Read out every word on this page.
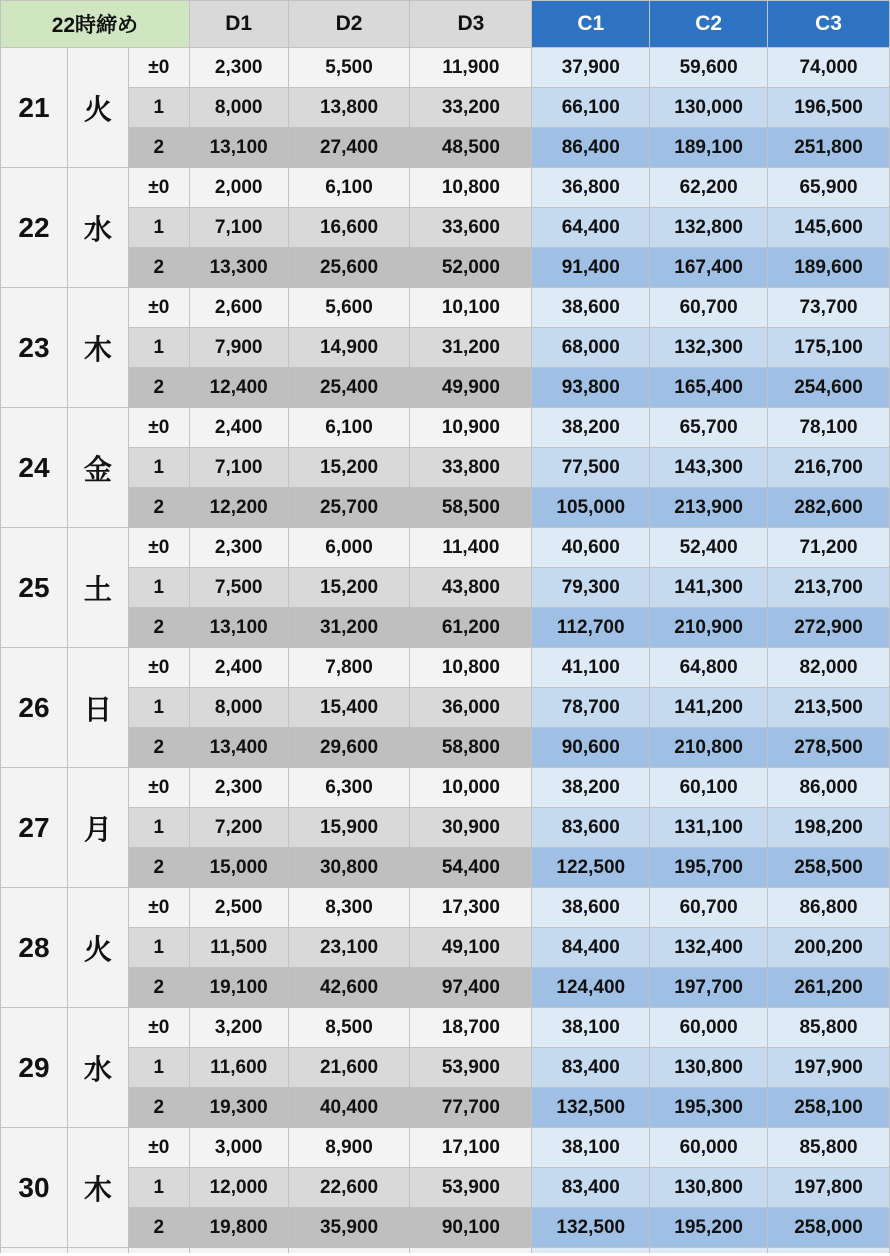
22時締め			D1	D2	D3	C1	C2	C3
21	火	±0	2,300	5,500	11,900	37,900	59,600	74,000
		1	8,000	13,800	33,200	66,100	130,000	196,500
		2	13,100	27,400	48,500	86,400	189,100	251,800
22	水	±0	2,000	6,100	10,800	36,800	62,200	65,900
		1	7,100	16,600	33,600	64,400	132,800	145,600
		2	13,300	25,600	52,000	91,400	167,400	189,600
23	木	±0	2,600	5,600	10,100	38,600	60,700	73,700
		1	7,900	14,900	31,200	68,000	132,300	175,100
		2	12,400	25,400	49,900	93,800	165,400	254,600
24	金	±0	2,400	6,100	10,900	38,200	65,700	78,100
		1	7,100	15,200	33,800	77,500	143,300	216,700
		2	12,200	25,700	58,500	105,000	213,900	282,600
25	土	±0	2,300	6,000	11,400	40,600	52,400	71,200
		1	7,500	15,200	43,800	79,300	141,300	213,700
		2	13,100	31,200	61,200	112,700	210,900	272,900
26	日	±0	2,400	7,800	10,800	41,100	64,800	82,000
		1	8,000	15,400	36,000	78,700	141,200	213,500
		2	13,400	29,600	58,800	90,600	210,800	278,500
27	月	±0	2,300	6,300	10,000	38,200	60,100	86,000
		1	7,200	15,900	30,900	83,600	131,100	198,200
		2	15,000	30,800	54,400	122,500	195,700	258,500
28	火	±0	2,500	8,300	17,300	38,600	60,700	86,800
		1	11,500	23,100	49,100	84,400	132,400	200,200
		2	19,100	42,600	97,400	124,400	197,700	261,200
29	水	±0	3,200	8,500	18,700	38,100	60,000	85,800
		1	11,600	21,600	53,900	83,400	130,800	197,900
		2	19,300	40,400	77,700	132,500	195,300	258,100
30	木	±0	3,000	8,900	17,100	38,100	60,000	85,800
		1	12,000	22,600	53,900	83,400	130,800	197,800
		2	19,800	35,900	90,100	132,500	195,200	258,000
